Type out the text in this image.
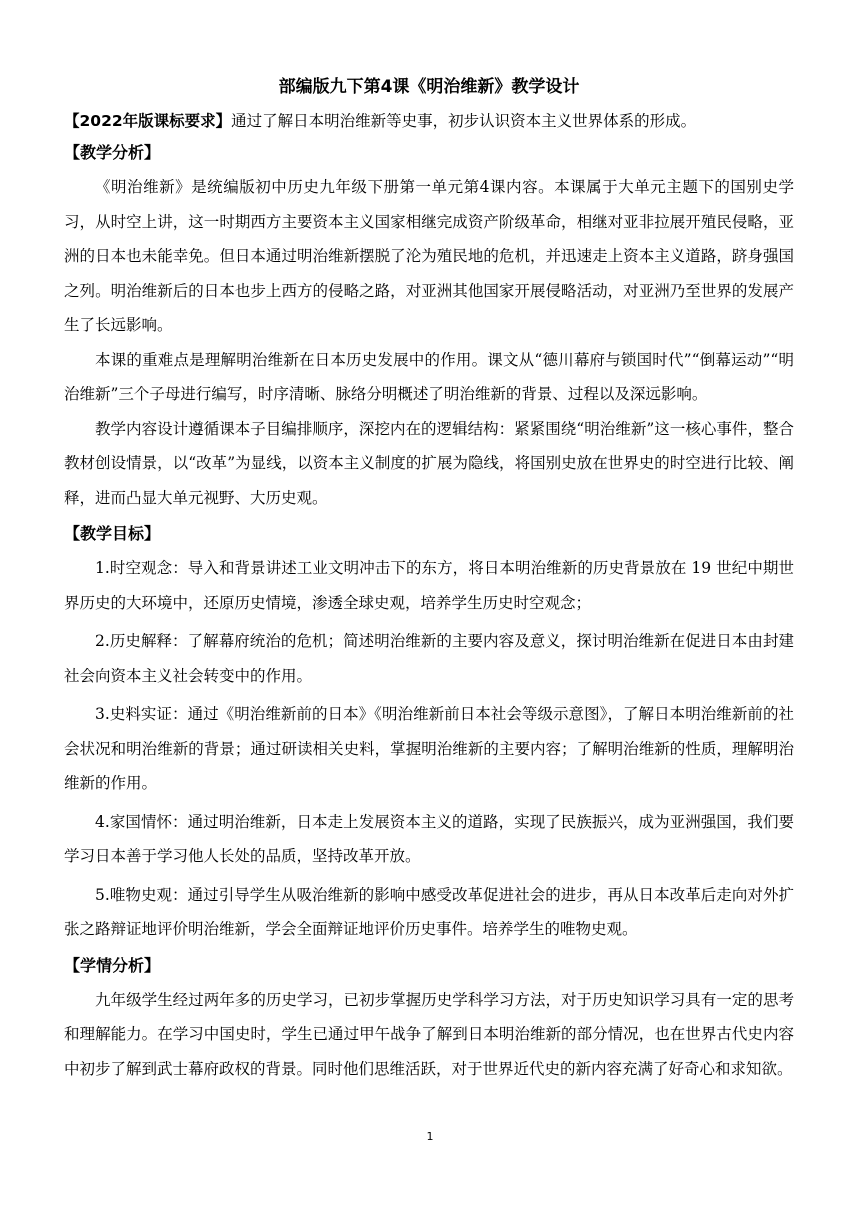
部编版九下第4课《明治维新》教学设计

【2022年版课标要求】通过了解日本明治维新等史事，初步认识资本主义世界体系的形成。

【教学分析】

《明治维新》是统编版初中历史九年级下册第一单元第4课内容。本课属于大单元主题下的国别史学习，从时空上讲，这一时期西方主要资本主义国家相继完成资产阶级革命，相继对亚非拉展开殖民侵略，亚洲的日本也未能幸免。但日本通过明治维新摆脱了沦为殖民地的危机，并迅速走上资本主义道路，跻身强国之列。明治维新后的日本也步上西方的侵略之路，对亚洲其他国家开展侵略活动，对亚洲乃至世界的发展产生了长远影响。

本课的重难点是理解明治维新在日本历史发展中的作用。课文从“德川幕府与锁国时代”“倒幕运动”“明治维新”三个子母进行编写，时序清晰、脉络分明概述了明治维新的背景、过程以及深远影响。

教学内容设计遵循课本子目编排顺序，深挖内在的逻辑结构：紧紧围绕“明治维新”这一核心事件，整合教材创设情景，以“改革”为显线，以资本主义制度的扩展为隐线，将国别史放在世界史的时空进行比较、阐释，进而凸显大单元视野、大历史观。

【教学目标】

1.时空观念：导入和背景讲述工业文明冲击下的东方，将日本明治维新的历史背景放在 19 世纪中期世界历史的大环境中，还原历史情境，渗透全球史观，培养学生历史时空观念；

2.历史解释：了解幕府统治的危机；简述明治维新的主要内容及意义，探讨明治维新在促进日本由封建社会向资本主义社会转变中的作用。

3.史料实证：通过《明治维新前的日本》《明治维新前日本社会等级示意图》，了解日本明治维新前的社会状况和明治维新的背景；通过研读相关史料，掌握明治维新的主要内容；了解明治维新的性质，理解明治维新的作用。

4.家国情怀：通过明治维新，日本走上发展资本主义的道路，实现了民族振兴，成为亚洲强国，我们要学习日本善于学习他人长处的品质，坚持改革开放。

5.唯物史观：通过引导学生从吸治维新的影响中感受改革促进社会的进步，再从日本改革后走向对外扩张之路辩证地评价明治维新，学会全面辩证地评价历史事件。培养学生的唯物史观。

【学情分析】

九年级学生经过两年多的历史学习，已初步掌握历史学科学习方法，对于历史知识学习具有一定的思考和理解能力。在学习中国史时，学生已通过甲午战争了解到日本明治维新的部分情况，也在世界古代史内容中初步了解到武士幕府政权的背景。同时他们思维活跃，对于世界近代史的新内容充满了好奇心和求知欲。

1
